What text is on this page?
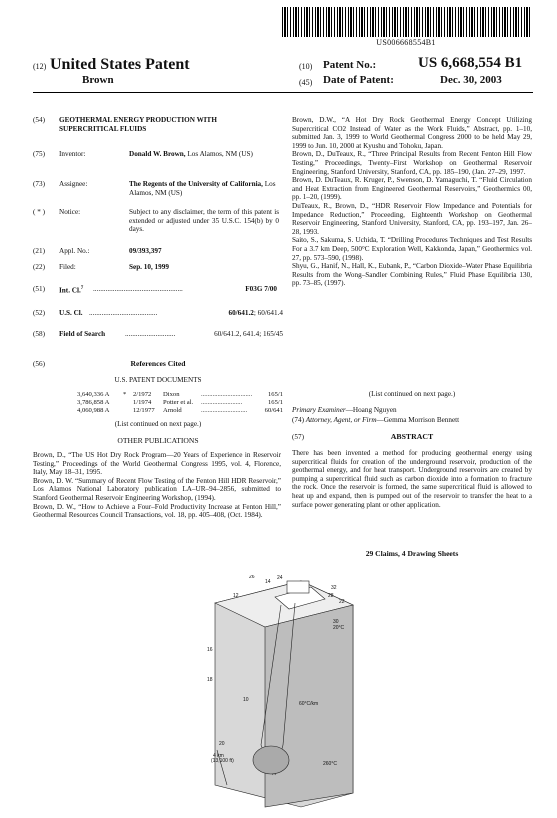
US006668554B1
(12) United States Patent
Brown
(10) Patent No.:	US 6,668,554 B1
(45) Date of Patent:	Dec. 30, 2003
(54)	GEOTHERMAL ENERGY PRODUCTION WITH SUPERCRITICAL FLUIDS
(75)	Inventor:	Donald W. Brown, Los Alamos, NM (US)
(73)	Assignee:	The Regents of the University of California, Los Alamos, NM (US)
( * )	Notice:	Subject to any disclaimer, the term of this patent is extended or adjusted under 35 U.S.C. 154(b) by 0 days.
(21)	Appl. No.:	09/393,397
(22)	Filed:	Sep. 10, 1999
(51)	Int. Cl.$^7$ ..................................................	F03G 7/00
(52)	U.S. Cl. ......................................	60/641.2; 60/641.4
(58)	Field of Search	............................	60/641.2, 641.4; 165/45
(56)	References Cited
U.S. PATENT DOCUMENTS
3,640,336 A * 2/1972 Dixon	...............................	165/1
3,786,858 A	1/1974 Potter et al. .........................	165/1
4,060,988 A	12/1977 Arnold	............................	60/641
(List continued on next page.)
OTHER PUBLICATIONS
Brown, D., “The US Hot Dry Rock Program—20 Years of Experience in Reservoir Testing,” Proceedings of the World Geothermal Congress 1995, vol. 4, Florence, Italy, May 18–31, 1995.
Brown, D. W. “Summary of Recent Flow Testing of the Fenton Hill HDR Reservoir,” Los Alamos National Laboratory publication LA–UR–94–2856, submitted to Stanford Geothermal Reservoir Engineering Workshop, (1994).
Brown, D. W., “How to Achieve a Four–Fold Productivity Increase at Fenton Hill,” Geothermal Resources Council Transactions, vol. 18, pp. 405–408, (Oct. 1984).
Brown, D.W., “A Hot Dry Rock Geothermal Energy Concept Utilizing Supercritical CO2 Instead of Water as the Work Fluids,” Abstract, pp. 1–10, submitted Jan. 3, 1999 to World Geothermal Congress 2000 to be held May 29, 1999 to Jun. 10, 2000 at Kyushu and Tohoku, Japan.
Brown, D., DuTeaux, R., “Three Principal Results from Recent Fenton Hill Flow Testing,” Proceedings, Twenty–First Workshop on Geothermal Reservoir Engineering, Stanford University, Stanford, CA, pp. 185–190, (Jan. 27–29, 1997.
Brown, D. DuTeaux, R. Kruger, P., Swenson, D. Yamaguchi, T. “Fluid Circulation and Heat Extraction from Engineered Geothermal Reservoirs,” Geothermics 00, pp. 1–20, (1999).
DuTeaux, R., Brown, D., “HDR Reservoir Flow Impedance and Potentials for Impedance Reduction,” Proceeding, Eighteenth Workshop on Geothermal Reservoir Engineering, Stanford University, Stanford, CA, pp. 193–197, Jan. 26–28, 1993.
Saito, S., Sakuma, S. Uchida, T. “Drilling Procedures Techniques and Test Results For a 3.7 km Deep, 500°C Exploration Well, Kakkonda, Japan,” Geothermics vol. 27, pp. 573–590, (1998).
Shyu, G., Hanif, N., Hall, K., Eubank, P., “Carbon Dioxide–Water Phase Equilibria Results from the Wong–Sandler Combining Rules,” Fluid Phase Equilibria 130, pp. 73–85, (1997).
(List continued on next page.)
Primary Examiner—Hoang Nguyen
(74) Attorney, Agent, or Firm—Gemma Morrison Bennett
(57)	ABSTRACT
There has been invented a method for producing geothermal energy using supercritical fluids for creation of the underground reservoir, production of the geothermal energy, and for heat transport. Underground reservoirs are created by pumping a supercritical fluid such as carbon dioxide into a formation to fracture the rock. Once the reservoir is formed, the same supercritical fluid is allowed to heat up and expand, then is pumped out of the reservoir to transfer the heat to a surface power generating plant or other application.
29 Claims, 4 Drawing Sheets
26
14
24
32
28
22
12
30
20°C
16
18
10
60°C/km
20
4 km
(13,100 ft)	260°C
